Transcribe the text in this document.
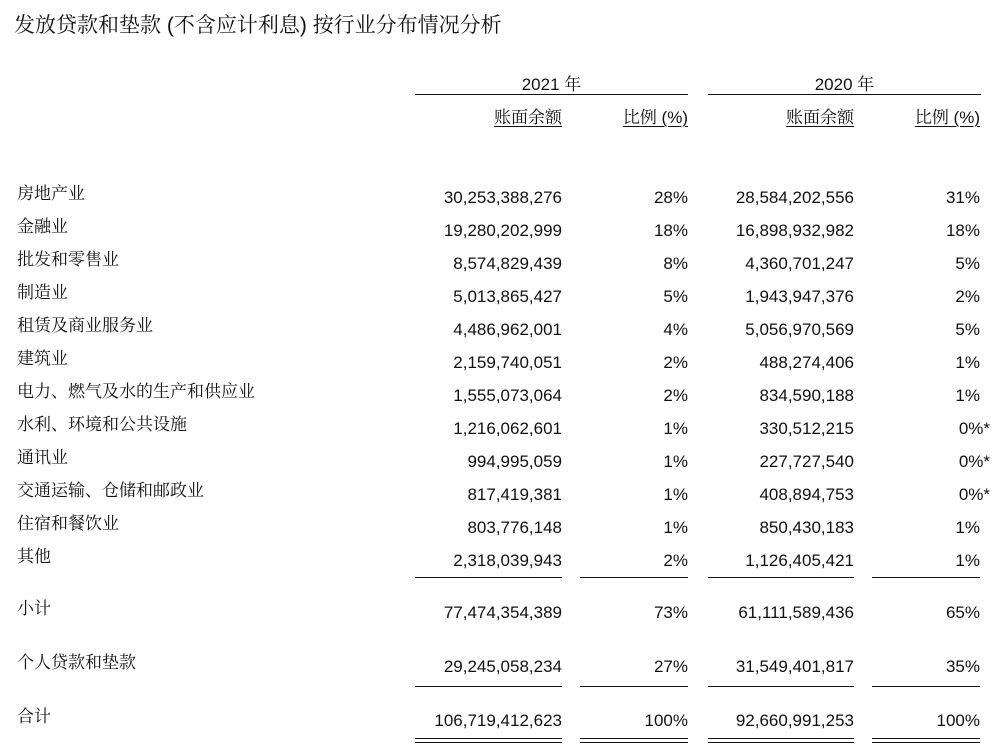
发放贷款和垫款 (不含应计利息) 按行业分布情况分析
2021 年	2020 年
账面余额	比例 (%)	账面余额	比例 (%)
房地产业	30,253,388,276	28%	28,584,202,556	31%
金融业	19,280,202,999	18%	16,898,932,982	18%
批发和零售业	8,574,829,439	8%	4,360,701,247	5%
制造业	5,013,865,427	5%	1,943,947,376	2%
租赁及商业服务业	4,486,962,001	4%	5,056,970,569	5%
建筑业	2,159,740,051	2%	488,274,406	1%
电力、燃气及水的生产和供应业	1,555,073,064	2%	834,590,188	1%
水利、环境和公共设施	1,216,062,601	1%	330,512,215	0%*
通讯业	994,995,059	1%	227,727,540	0%*
交通运输、仓储和邮政业	817,419,381	1%	408,894,753	0%*
住宿和餐饮业	803,776,148	1%	850,430,183	1%
其他	2,318,039,943	2%	1,126,405,421	1%
小计	77,474,354,389	73%	61,111,589,436	65%
个人贷款和垫款	29,245,058,234	27%	31,549,401,817	35%
合计	106,719,412,623	100%	92,660,991,253	100%
